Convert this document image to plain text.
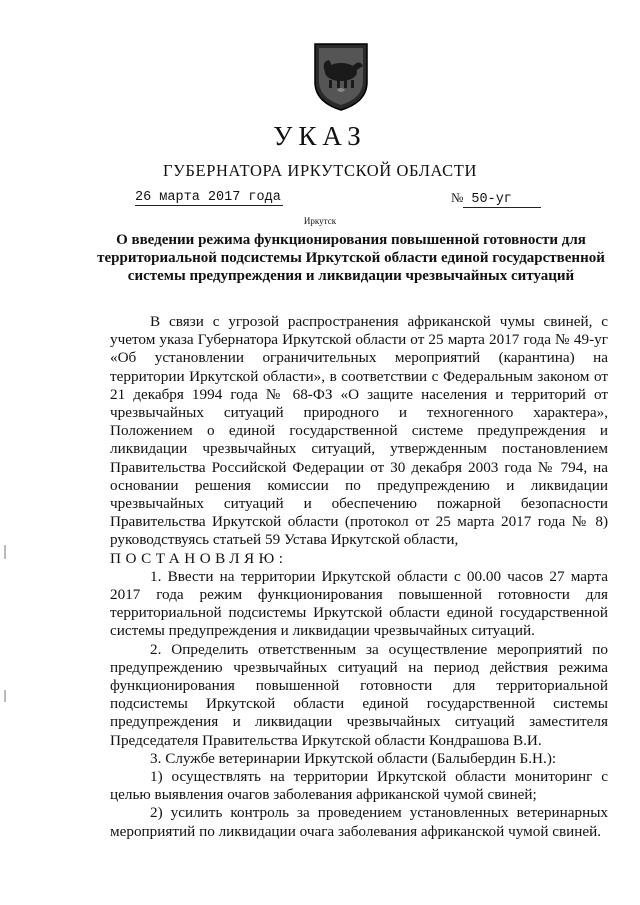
УКАЗ
ГУБЕРНАТОРА ИРКУТСКОЙ ОБЛАСТИ
26 марта 2017 года	№ 50-уг
Иркутск
О введении режима функционирования повышенной готовности для территориальной подсистемы Иркутской области единой государственной системы предупреждения и ликвидации чрезвычайных ситуаций

В связи с угрозой распространения африканской чумы свиней, с учетом указа Губернатора Иркутской области от 25 марта 2017 года № 49-уг «Об установлении ограничительных мероприятий (карантина) на территории Иркутской области», в соответствии с Федеральным законом от 21 декабря 1994 года № 68-ФЗ «О защите населения и территорий от чрезвычайных ситуаций природного и техногенного характера», Положением о единой государственной системе предупреждения и ликвидации чрезвычайных ситуаций, утвержденным постановлением Правительства Российской Федерации от 30 декабря 2003 года № 794, на основании решения комиссии по предупреждению и ликвидации чрезвычайных ситуаций и обеспечению пожарной безопасности Правительства Иркутской области (протокол от 25 марта 2017 года № 8) руководствуясь статьей 59 Устава Иркутской области,

ПОСТАНОВЛЯЮ:

1. Ввести на территории Иркутской области с 00.00 часов 27 марта 2017 года режим функционирования повышенной готовности для территориальной подсистемы Иркутской области единой государственной системы предупреждения и ликвидации чрезвычайных ситуаций.

2. Определить ответственным за осуществление мероприятий по предупреждению чрезвычайных ситуаций на период действия режима функционирования повышенной готовности для территориальной подсистемы Иркутской области единой государственной системы предупреждения и ликвидации чрезвычайных ситуаций заместителя Председателя Правительства Иркутской области Кондрашова В.И.

3. Службе ветеринарии Иркутской области (Балыбердин Б.Н.):

1) осуществлять на территории Иркутской области мониторинг с целью выявления очагов заболевания африканской чумой свиней;

2) усилить контроль за проведением установленных ветеринарных мероприятий по ликвидации очага заболевания африканской чумой свиней.
